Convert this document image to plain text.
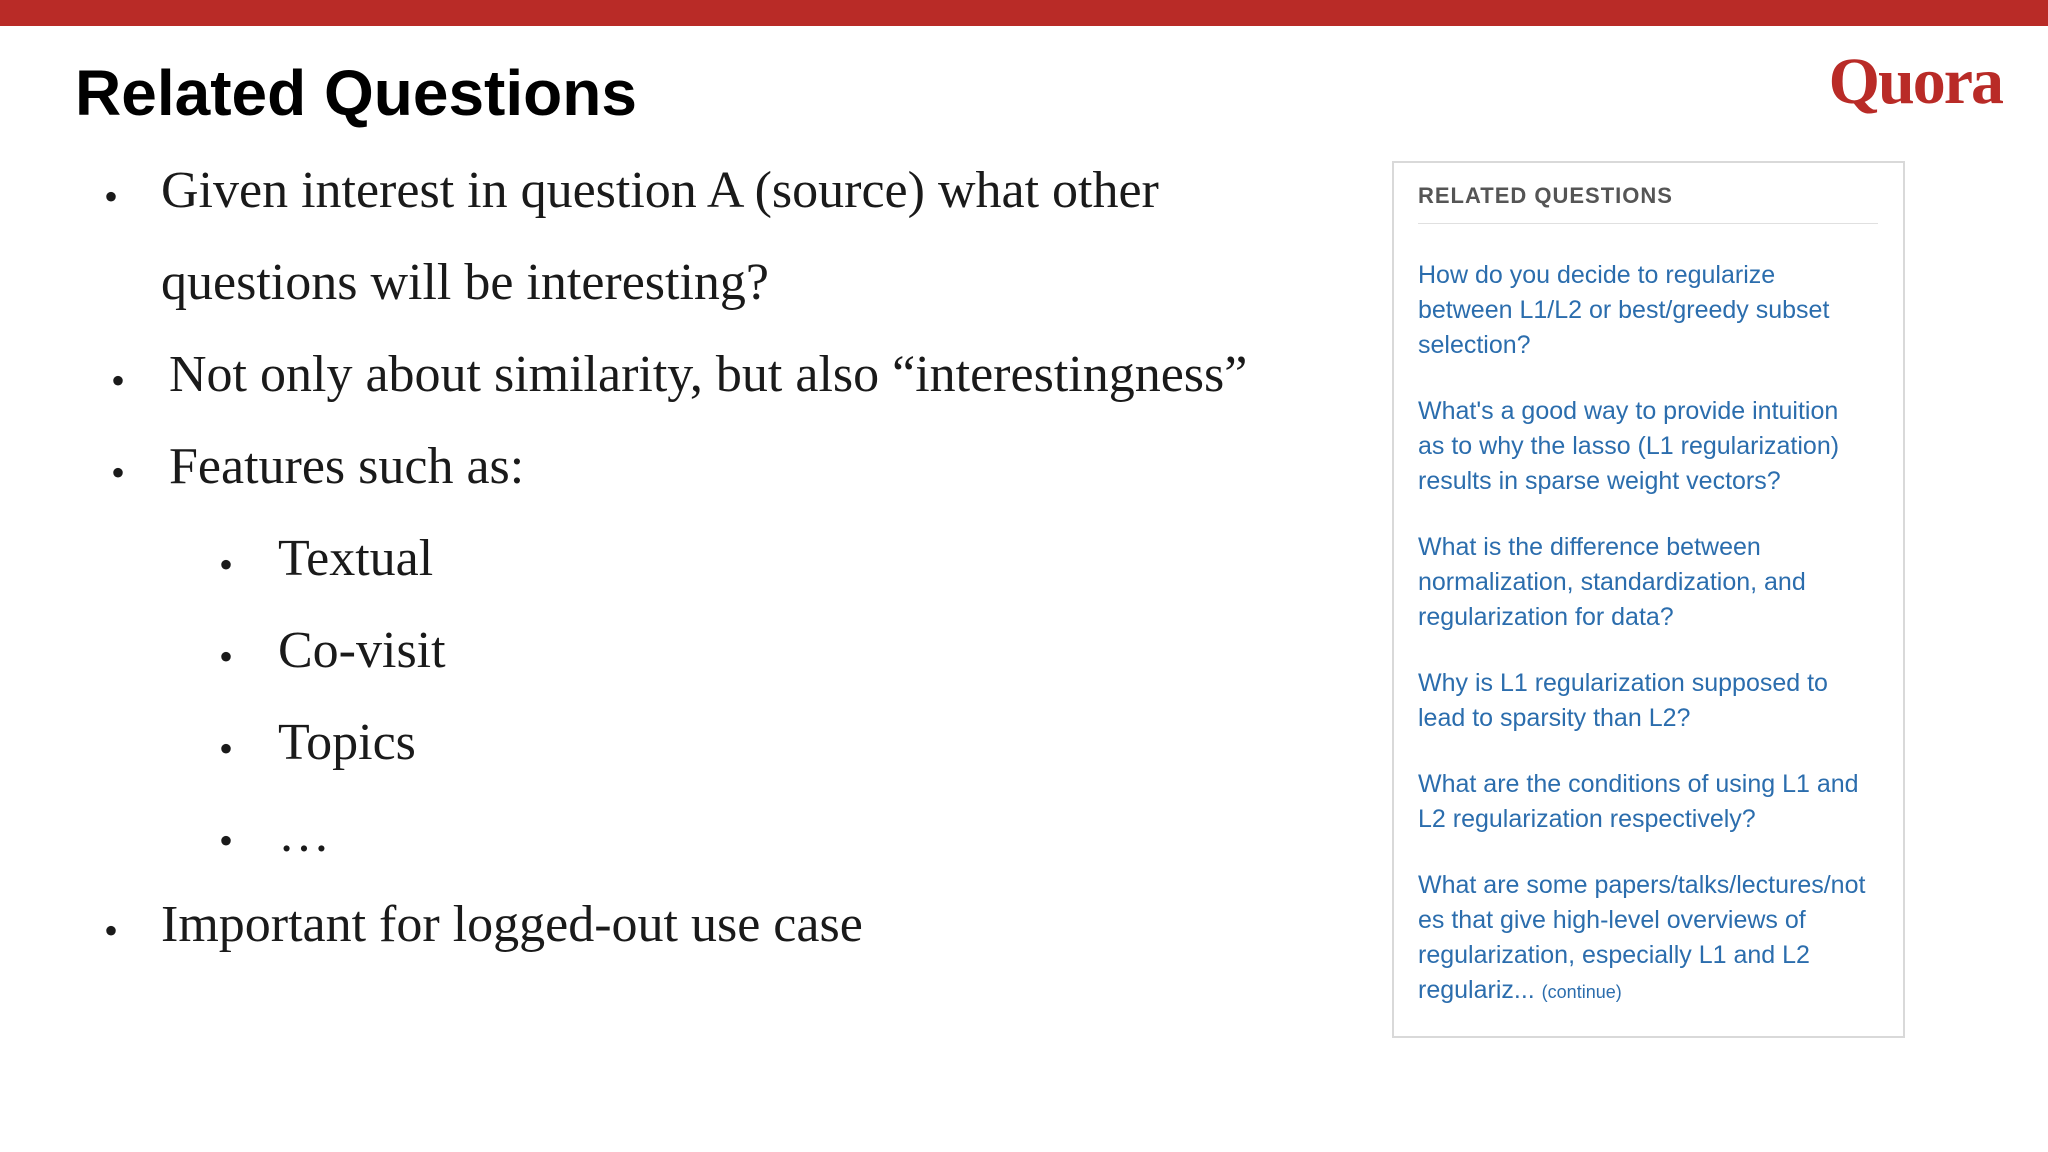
Related Questions	Quora
• Given interest in question A (source) what other
questions will be interesting?
• Not only about similarity, but also “interestingness”
• Features such as:
• Textual
• Co-visit
• Topics
• …
• Important for logged-out use case
RELATED QUESTIONS

How do you decide to regularize
between L1/L2 or best/greedy subset
selection?

What's a good way to provide intuition
as to why the lasso (L1 regularization)
results in sparse weight vectors?

What is the difference between
normalization, standardization, and
regularization for data?

Why is L1 regularization supposed to
lead to sparsity than L2?

What are the conditions of using L1 and
L2 regularization respectively?

What are some papers/talks/lectures/not
es that give high-level overviews of
regularization, especially L1 and L2
regulariz... (continue)
